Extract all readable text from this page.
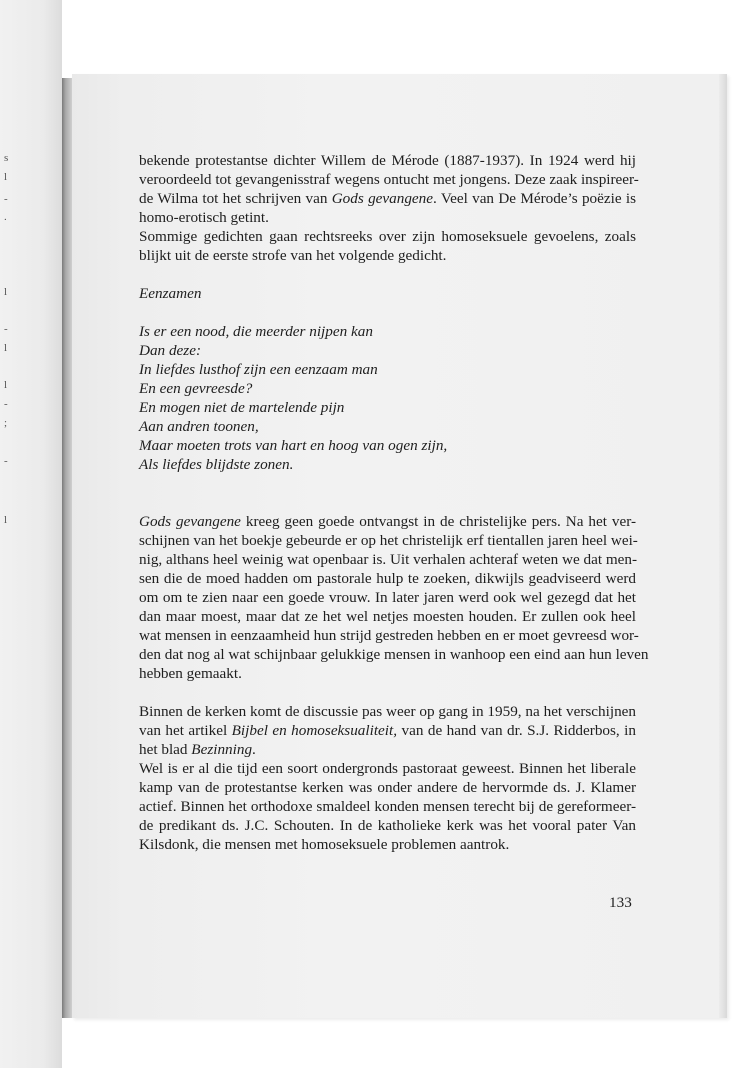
s
l
-
.
l
-
l
l
-
;
-
l

bekende protestantse dichter Willem de Mérode (1887-1937). In 1924 werd hij
veroordeeld tot gevangenisstraf wegens ontucht met jongens. Deze zaak inspireer-
de Wilma tot het schrijven van Gods gevangene. Veel van De Mérode’s poëzie is
homo-erotisch getint.

Sommige gedichten gaan rechtsreeks over zijn homoseksuele gevoelens, zoals
blijkt uit de eerste strofe van het volgende gedicht.

Eenzamen
Is er een nood, die meerder nijpen kan
Dan deze:
In liefdes lusthof zijn een eenzaam man
En een gevreesde?
En mogen niet de martelende pijn
Aan andren toonen,
Maar moeten trots van hart en hoog van ogen zijn,
Als liefdes blijdste zonen.

Gods gevangene kreeg geen goede ontvangst in de christelijke pers. Na het ver-
schijnen van het boekje gebeurde er op het christelijk erf tientallen jaren heel wei-
nig, althans heel weinig wat openbaar is. Uit verhalen achteraf weten we dat men-
sen die de moed hadden om pastorale hulp te zoeken, dikwijls geadviseerd werd
om om te zien naar een goede vrouw. In later jaren werd ook wel gezegd dat het
dan maar moest, maar dat ze het wel netjes moesten houden. Er zullen ook heel
wat mensen in eenzaamheid hun strijd gestreden hebben en er moet gevreesd wor-
den dat nog al wat schijnbaar gelukkige mensen in wanhoop een eind aan hun leven
hebben gemaakt.

Binnen de kerken komt de discussie pas weer op gang in 1959, na het verschijnen
van het artikel Bijbel en homoseksualiteit, van de hand van dr. S.J. Ridderbos, in
het blad Bezinning.

Wel is er al die tijd een soort ondergronds pastoraat geweest. Binnen het liberale
kamp van de protestantse kerken was onder andere de hervormde ds. J. Klamer
actief. Binnen het orthodoxe smaldeel konden mensen terecht bij de gereformeer-
de predikant ds. J.C. Schouten. In de katholieke kerk was het vooral pater Van
Kilsdonk, die mensen met homoseksuele problemen aantrok.

133
